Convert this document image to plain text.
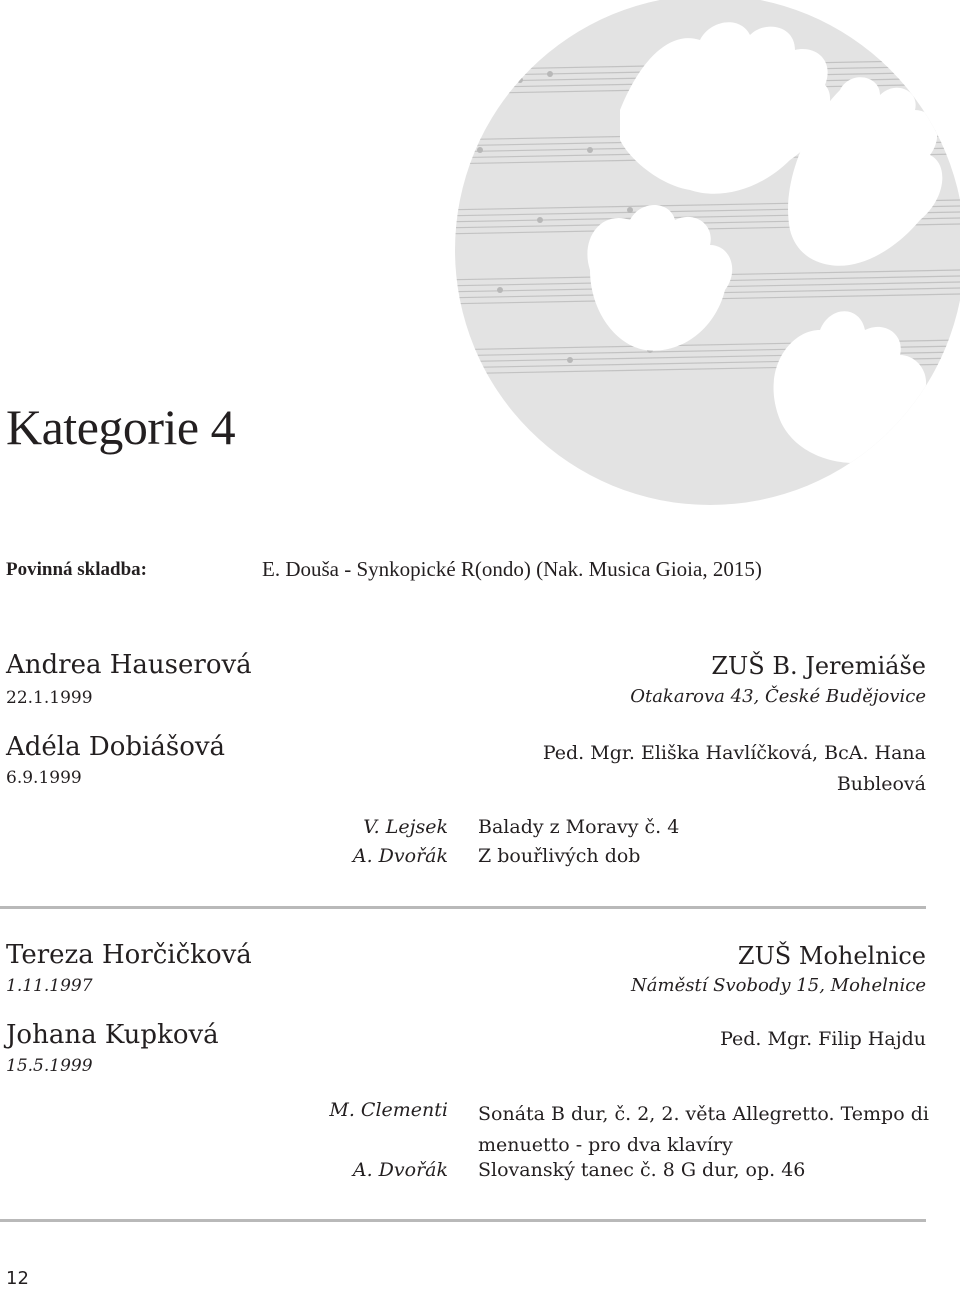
Kategorie 4
Povinná skladba:	E. Douša - Synkopické R(ondo) (Nak. Musica Gioia, 2015)
Andrea Hauserová
22.1.1999
Adéla Dobiášová
6.9.1999
ZUŠ B. Jeremiáše
Otakarova 43, České Budějovice
Ped. Mgr. Eliška Havlíčková, BcA. Hana Bubleová
V. Lejsek Balady z Moravy č. 4
A. Dvořák Z bouřlivých dob
Tereza Horčičková
1.11.1997
Johana Kupková
15.5.1999
ZUŠ Mohelnice
Náměstí Svobody 15, Mohelnice
Ped. Mgr. Filip Hajdu
M. Clementi Sonáta B dur, č. 2, 2. věta Allegretto. Tempo di menuetto - pro dva klavíry
A. Dvořák Slovanský tanec č. 8 G dur, op. 46
12
